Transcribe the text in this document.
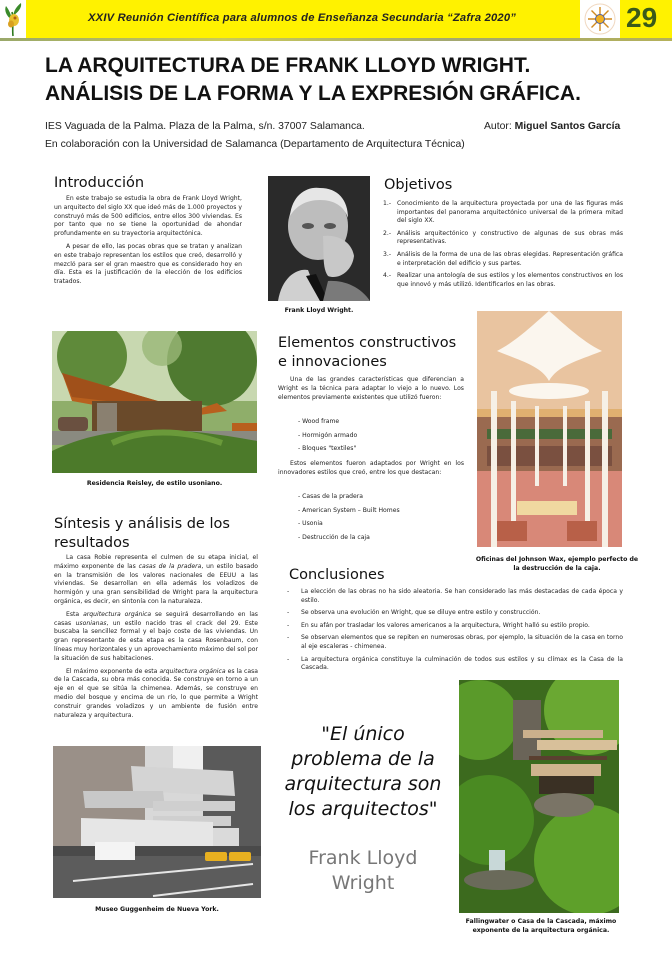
XXIV Reunión Científica para alumnos de Enseñanza Secundaria “Zafra 2020”	29
LA ARQUITECTURA DE FRANK LLOYD WRIGHT.
ANÁLISIS DE LA FORMA Y LA EXPRESIÓN GRÁFICA.
IES Vaguada de la Palma. Plaza de la Palma, s/n. 37007 Salamanca.	Autor: Miguel Santos García
En colaboración con la Universidad de Salamanca (Departamento de Arquitectura Técnica)
Introducción

En este trabajo se estudia la obra de Frank Lloyd Wright, un arquitecto del siglo XX que ideó más de 1.000 proyectos y construyó más de 500 edificios, entre ellos 300 viviendas. Es por tanto que no se tiene la oportunidad de ahondar profundamente en su trayectoria arquitectónica.

A pesar de ello, las pocas obras que se tratan y analizan en este trabajo representan los estilos que creó, desarrolló y mezcló para ser el gran maestro que es considerado hoy en día. Esta es la justificación de la elección de los edificios tratados.

Frank Lloyd Wright.
Objetivos
1.- Conocimiento de la arquitectura proyectada por una de las figuras más importantes del panorama arquitectónico universal de la primera mitad del siglo XX.
2.- Análisis arquitectónico y constructivo de algunas de sus obras más representativas.
3.- Análisis de la forma de una de las obras elegidas. Representación gráfica e interpretación del edificio y sus partes.
4.- Realizar una antología de sus estilos y los elementos constructivos en los que innovó y más utilizó. Identificarlos en las obras.
Residencia Reisley, de estilo usoniano.
Elementos constructivos
e innovaciones

Una de las grandes características que diferencian a Wright es la técnica para adaptar lo viejo a lo nuevo. Los elementos previamente existentes que utilizó fueron:

- Wood frame
- Hormigón armado
- Bloques "textiles"

Estos elementos fueron adaptados por Wright en los innovadores estilos que creó, entre los que destacan:

- Casas de la pradera
- American System – Built Homes
- Usonia
- Destrucción de la caja
Oficinas del Johnson Wax, ejemplo perfecto de la destrucción de la caja.
Síntesis y análisis de los
resultados

La casa Robie representa el culmen de su etapa inicial, el máximo exponente de las casas de la pradera, un estilo basado en la transmisión de los valores nacionales de EEUU a las viviendas. Se desarrollan en ella además los voladizos de hormigón y una gran sensibilidad de Wright para la arquitectura orgánica, es decir, en sintonía con la naturaleza.

Esta arquitectura orgánica se seguirá desarrollando en las casas usonianas, un estilo nacido tras el crack del 29. Este buscaba la sencillez formal y el bajo coste de las viviendas. Un gran representante de esta etapa es la casa Rosenbaum, con líneas muy horizontales y un aprovechamiento máximo del sol por la situación de sus habitaciones.

El máximo exponente de esta arquitectura orgánica es la casa de la Cascada, su obra más conocida. Se construye en torno a un eje en el que se sitúa la chimenea. Además, se construye en medio del bosque y encima de un río, lo que permite a Wright construir grandes voladizos y un ambiente de fusión entre naturaleza y arquitectura.

Conclusiones
-	La elección de las obras no ha sido aleatoria. Se han considerado las más destacadas de cada época y estilo.
-	Se observa una evolución en Wright, que se diluye entre estilo y construcción.
-	En su afán por trasladar los valores americanos a la arquitectura, Wright halló su estilo propio.
-	Se observan elementos que se repiten en numerosas obras, por ejemplo, la situación de la casa en torno al eje escaleras - chimenea.
-	La arquitectura orgánica constituye la culminación de todos sus estilos y su clímax es la Casa de la Cascada.
Museo Guggenheim de Nueva York.
"El único problema de la arquitectura son los arquitectos"
Frank Lloyd Wright
Fallingwater o Casa de la Cascada, máximo exponente de la arquitectura orgánica.
